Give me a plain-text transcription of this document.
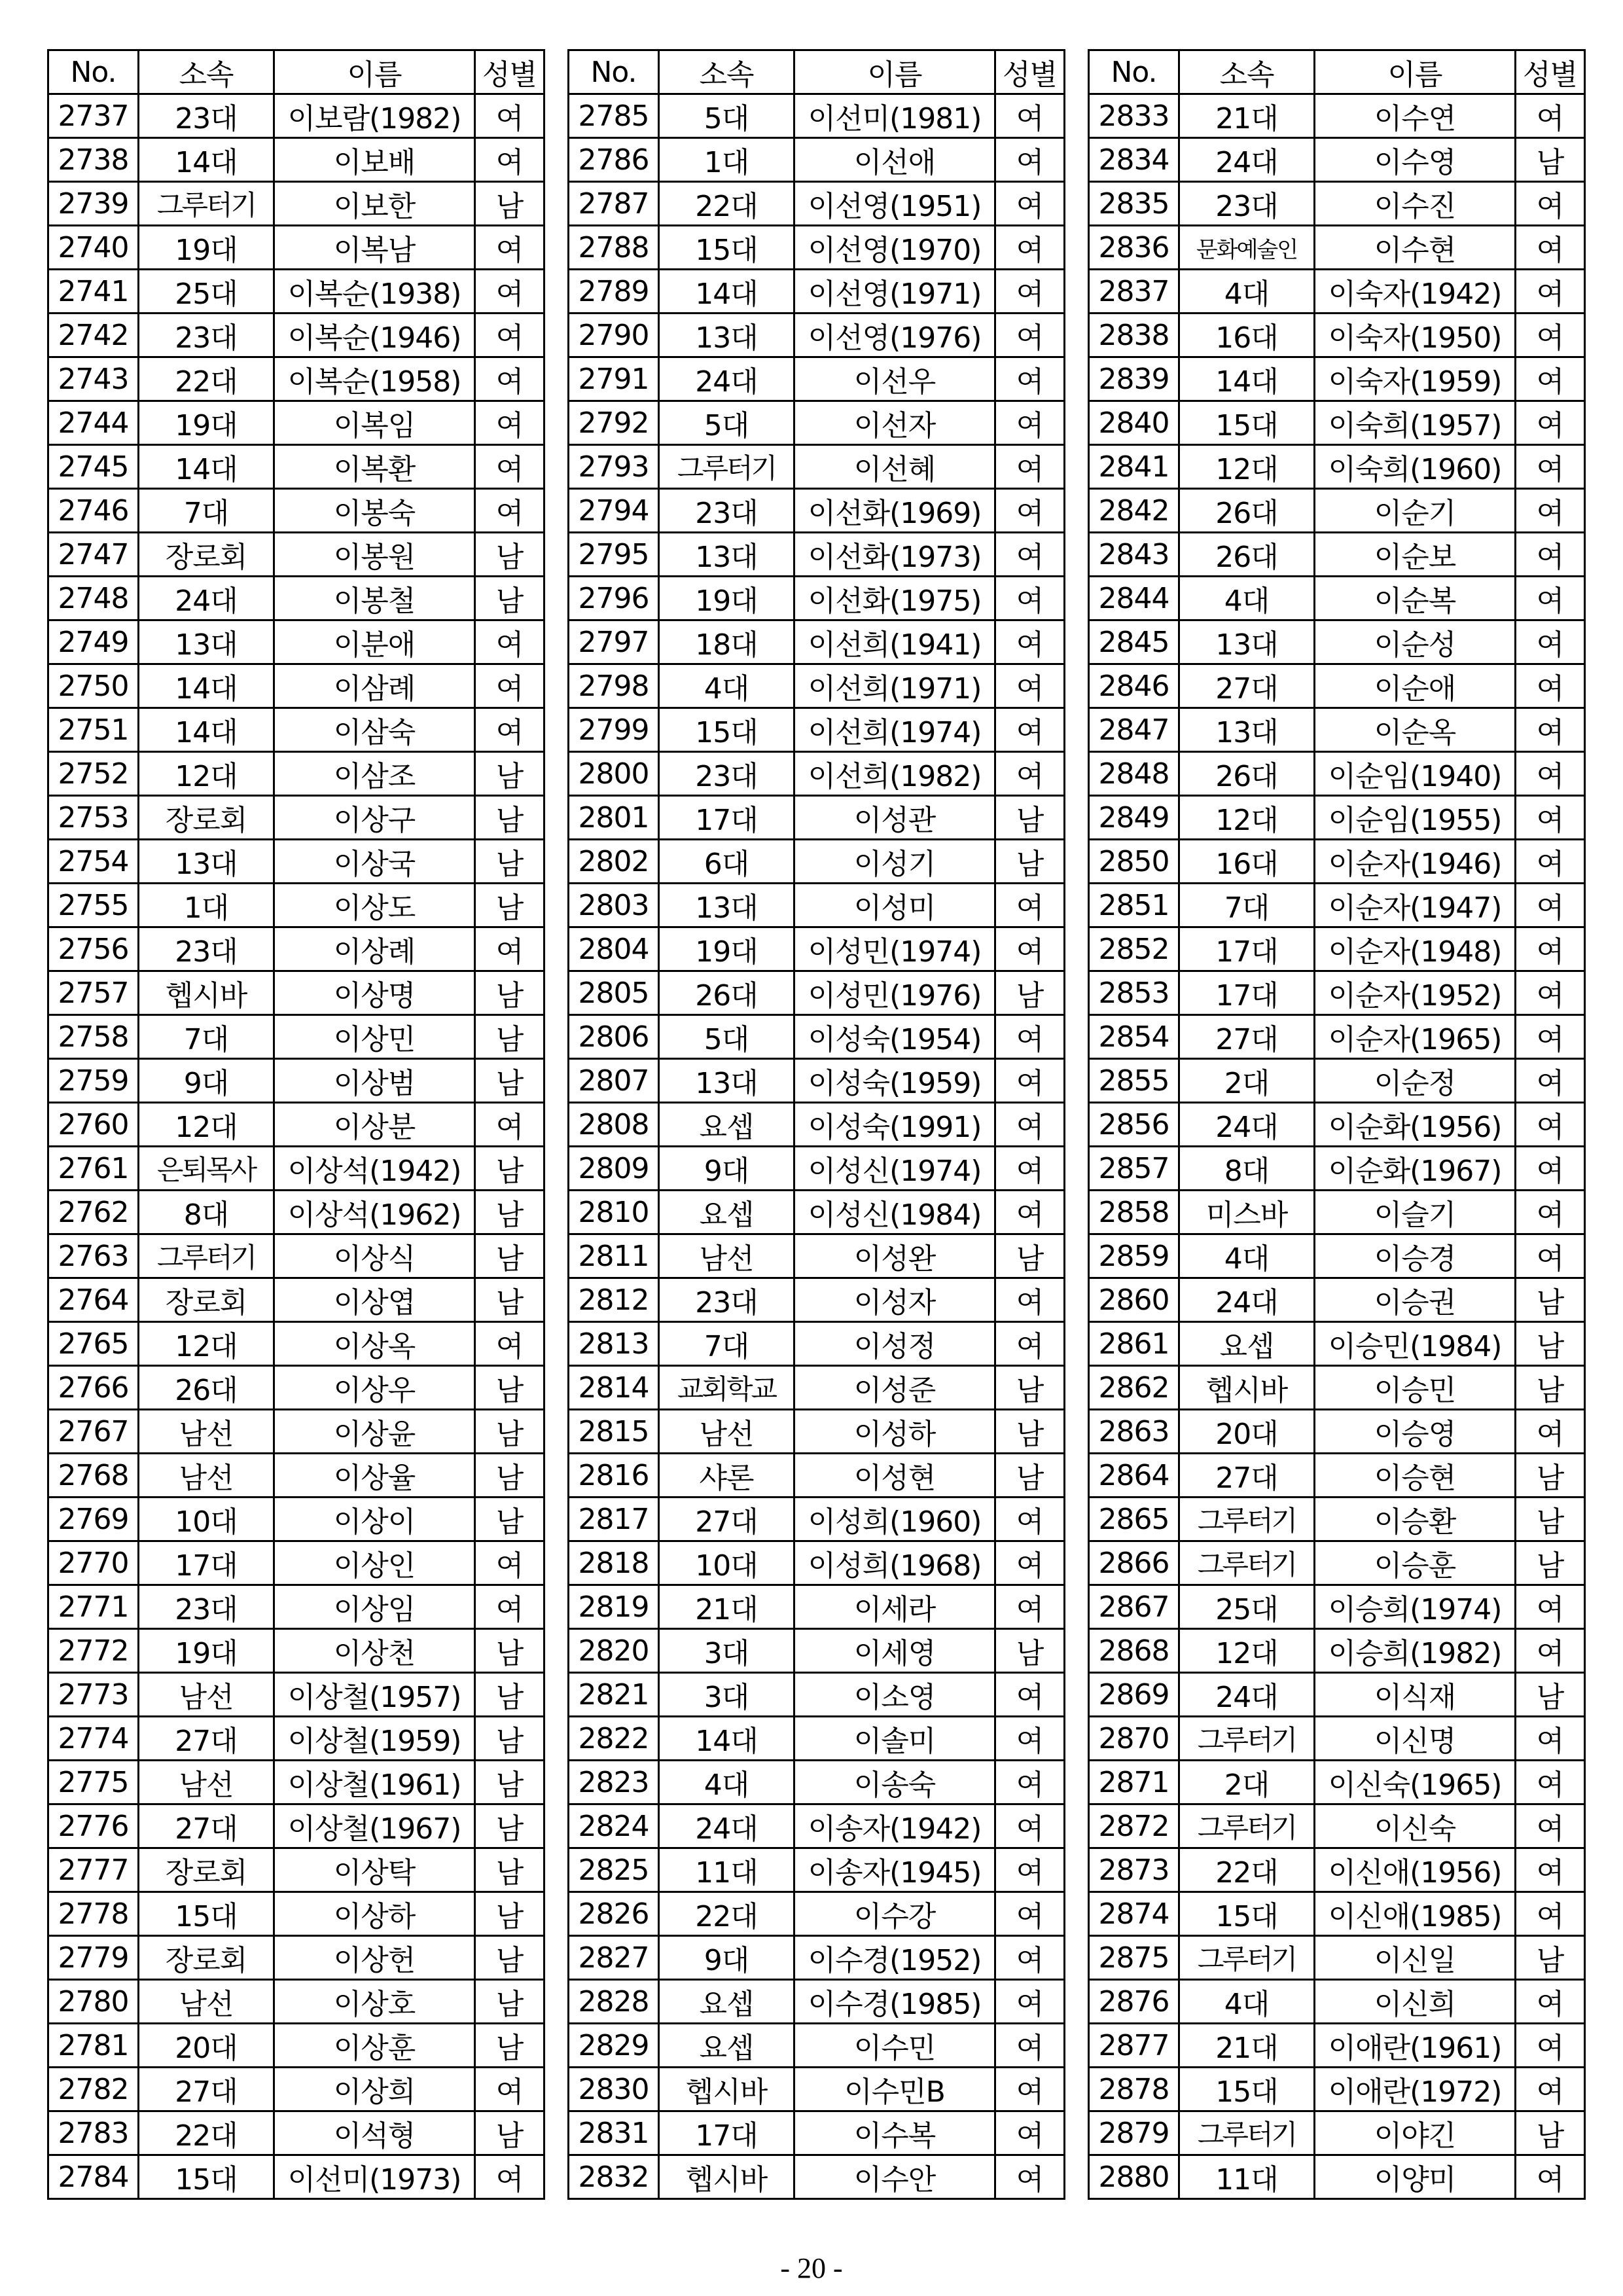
No.	소속	이름	성별
2737	23대	이보람(1982)	여
2738	14대	이보배	여
2739	그루터기	이보한	남
2740	19대	이복남	여
2741	25대	이복순(1938)	여
2742	23대	이복순(1946)	여
2743	22대	이복순(1958)	여
2744	19대	이복임	여
2745	14대	이복환	여
2746	7대	이봉숙	여
2747	장로회	이봉원	남
2748	24대	이봉철	남
2749	13대	이분애	여
2750	14대	이삼례	여
2751	14대	이삼숙	여
2752	12대	이삼조	남
2753	장로회	이상구	남
2754	13대	이상국	남
2755	1대	이상도	남
2756	23대	이상례	여
2757	헵시바	이상명	남
2758	7대	이상민	남
2759	9대	이상범	남
2760	12대	이상분	여
2761	은퇴목사	이상석(1942)	남
2762	8대	이상석(1962)	남
2763	그루터기	이상식	남
2764	장로회	이상엽	남
2765	12대	이상옥	여
2766	26대	이상우	남
2767	남선	이상윤	남
2768	남선	이상율	남
2769	10대	이상이	남
2770	17대	이상인	여
2771	23대	이상임	여
2772	19대	이상천	남
2773	남선	이상철(1957)	남
2774	27대	이상철(1959)	남
2775	남선	이상철(1961)	남
2776	27대	이상철(1967)	남
2777	장로회	이상탁	남
2778	15대	이상하	남
2779	장로회	이상헌	남
2780	남선	이상호	남
2781	20대	이상훈	남
2782	27대	이상희	여
2783	22대	이석형	남
2784	15대	이선미(1973)	여
No.	소속	이름	성별
2785	5대	이선미(1981)	여
2786	1대	이선애	여
2787	22대	이선영(1951)	여
2788	15대	이선영(1970)	여
2789	14대	이선영(1971)	여
2790	13대	이선영(1976)	여
2791	24대	이선우	여
2792	5대	이선자	여
2793	그루터기	이선혜	여
2794	23대	이선화(1969)	여
2795	13대	이선화(1973)	여
2796	19대	이선화(1975)	여
2797	18대	이선희(1941)	여
2798	4대	이선희(1971)	여
2799	15대	이선희(1974)	여
2800	23대	이선희(1982)	여
2801	17대	이성관	남
2802	6대	이성기	남
2803	13대	이성미	여
2804	19대	이성민(1974)	여
2805	26대	이성민(1976)	남
2806	5대	이성숙(1954)	여
2807	13대	이성숙(1959)	여
2808	요셉	이성숙(1991)	여
2809	9대	이성신(1974)	여
2810	요셉	이성신(1984)	여
2811	남선	이성완	남
2812	23대	이성자	여
2813	7대	이성정	여
2814	교회학교	이성준	남
2815	남선	이성하	남
2816	샤론	이성현	남
2817	27대	이성희(1960)	여
2818	10대	이성희(1968)	여
2819	21대	이세라	여
2820	3대	이세영	남
2821	3대	이소영	여
2822	14대	이솔미	여
2823	4대	이송숙	여
2824	24대	이송자(1942)	여
2825	11대	이송자(1945)	여
2826	22대	이수강	여
2827	9대	이수경(1952)	여
2828	요셉	이수경(1985)	여
2829	요셉	이수민	여
2830	헵시바	이수민B	여
2831	17대	이수복	여
2832	헵시바	이수안	여
No.	소속	이름	성별
2833	21대	이수연	여
2834	24대	이수영	남
2835	23대	이수진	여
2836	문화예술인	이수현	여
2837	4대	이숙자(1942)	여
2838	16대	이숙자(1950)	여
2839	14대	이숙자(1959)	여
2840	15대	이숙희(1957)	여
2841	12대	이숙희(1960)	여
2842	26대	이순기	여
2843	26대	이순보	여
2844	4대	이순복	여
2845	13대	이순성	여
2846	27대	이순애	여
2847	13대	이순옥	여
2848	26대	이순임(1940)	여
2849	12대	이순임(1955)	여
2850	16대	이순자(1946)	여
2851	7대	이순자(1947)	여
2852	17대	이순자(1948)	여
2853	17대	이순자(1952)	여
2854	27대	이순자(1965)	여
2855	2대	이순정	여
2856	24대	이순화(1956)	여
2857	8대	이순화(1967)	여
2858	미스바	이슬기	여
2859	4대	이승경	여
2860	24대	이승권	남
2861	요셉	이승민(1984)	남
2862	헵시바	이승민	남
2863	20대	이승영	여
2864	27대	이승현	남
2865	그루터기	이승환	남
2866	그루터기	이승훈	남
2867	25대	이승희(1974)	여
2868	12대	이승희(1982)	여
2869	24대	이식재	남
2870	그루터기	이신명	여
2871	2대	이신숙(1965)	여
2872	그루터기	이신숙	여
2873	22대	이신애(1956)	여
2874	15대	이신애(1985)	여
2875	그루터기	이신일	남
2876	4대	이신희	여
2877	21대	이애란(1961)	여
2878	15대	이애란(1972)	여
2879	그루터기	이야긴	남
2880	11대	이양미	여
- 20 -
